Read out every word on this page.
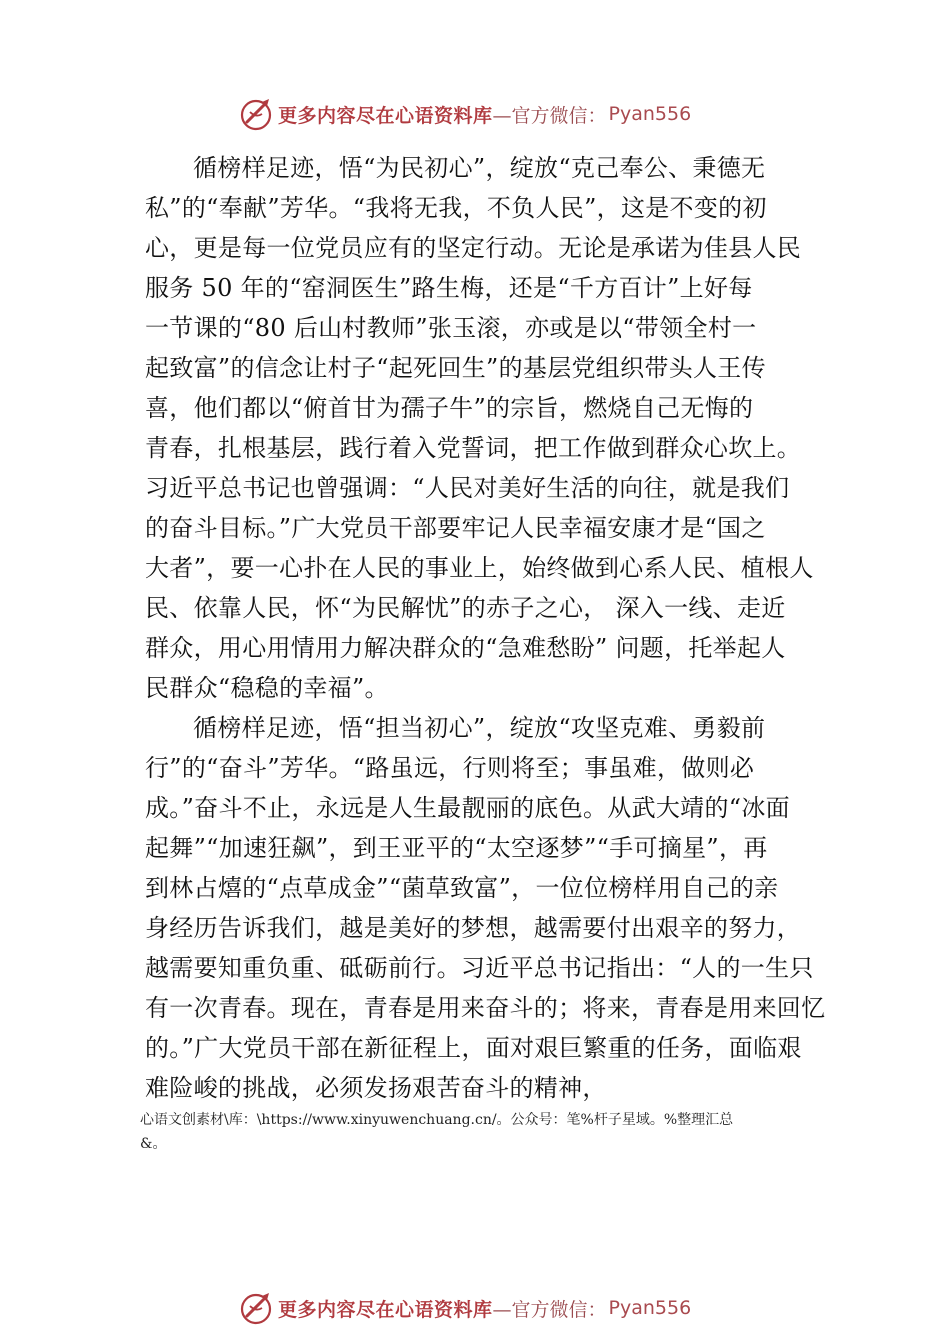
更多内容尽在心语资料库 —官方微信： Pyan556

循榜样足迹，悟“为民初心”，绽放“克己奉公、秉德无
私”的“奉献”芳华。“我将无我，不负人民”，这是不变的初
心，更是每一位党员应有的坚定行动。无论是承诺为佳县人民
服务 50 年的“窑洞医生”路生梅，还是“千方百计”上好每
一节课的“80 后山村教师”张玉滚，亦或是以“带领全村一
起致富”的信念让村子“起死回生”的基层党组织带头人王传
喜，他们都以“俯首甘为孺子牛”的宗旨，燃烧自己无悔的
青春，扎根基层，践行着入党誓词，把工作做到群众心坎上。
习近平总书记也曾强调：“人民对美好生活的向往，就是我们
的奋斗目标。”广大党员干部要牢记人民幸福安康才是“国之
大者”，要一心扑在人民的事业上，始终做到心系人民、植根人
民、依靠人民，怀“为民解忧”的赤子之心， 深入一线、走近
群众，用心用情用力解决群众的“急难愁盼” 问题，托举起人
民群众“稳稳的幸福”。

循榜样足迹，悟“担当初心”，绽放“攻坚克难、勇毅前
行”的“奋斗”芳华。“路虽远，行则将至；事虽难，做则必
成。”奋斗不止，永远是人生最靓丽的底色。从武大靖的“冰面
起舞”“加速狂飙”，到王亚平的“太空逐梦”“手可摘星”，再
到林占熺的“点草成金”“菌草致富”，一位位榜样用自己的亲
身经历告诉我们，越是美好的梦想，越需要付出艰辛的努力，
越需要知重负重、砥砺前行。习近平总书记指出：“人的一生只
有一次青春。现在，青春是用来奋斗的；将来，青春是用来回忆
的。”广大党员干部在新征程上，面对艰巨繁重的任务，面临艰
难险峻的挑战，必须发扬艰苦奋斗的精神，

心语文创素材\库：\https://www.xinyuwenchuang.cn/。公众号：笔%杆子星域。%整理汇总
&。
更多内容尽在心语资料库 —官方微信： Pyan556
